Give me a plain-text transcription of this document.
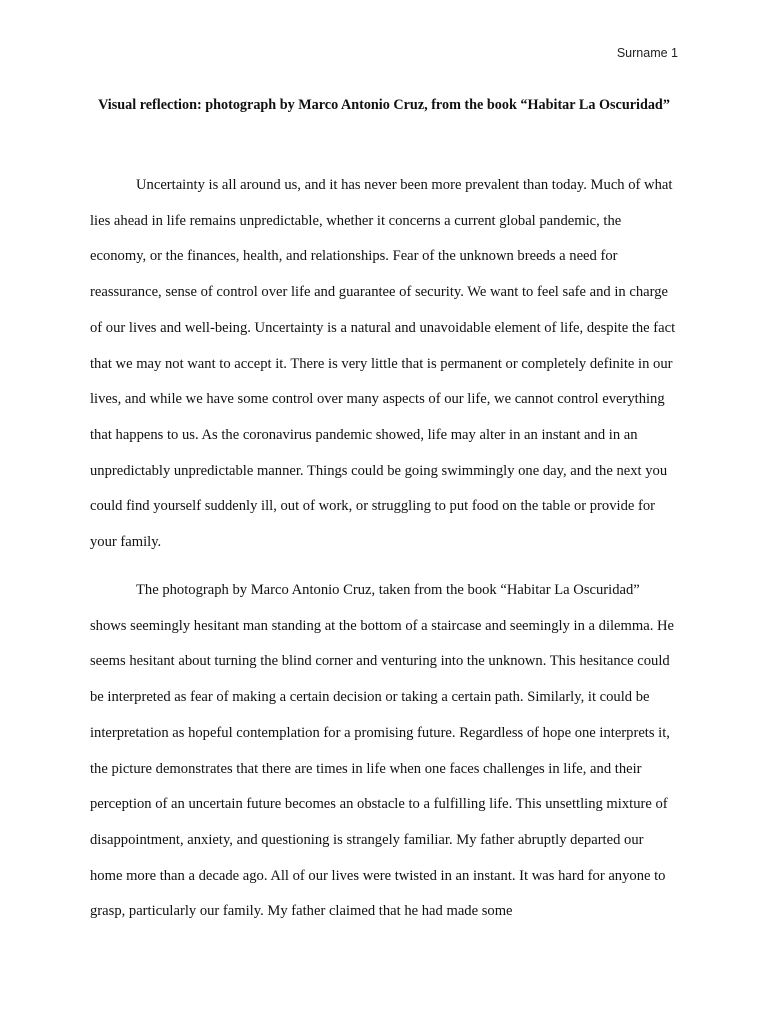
Surname 1
Visual reflection: photograph by Marco Antonio Cruz, from the book “Habitar La Oscuridad”

Uncertainty is all around us, and it has never been more prevalent than today. Much of what lies ahead in life remains unpredictable, whether it concerns a current global pandemic, the economy, or the finances, health, and relationships. Fear of the unknown breeds a need for reassurance, sense of control over life and guarantee of security. We want to feel safe and in charge of our lives and well-being. Uncertainty is a natural and unavoidable element of life, despite the fact that we may not want to accept it. There is very little that is permanent or completely definite in our lives, and while we have some control over many aspects of our life, we cannot control everything that happens to us. As the coronavirus pandemic showed, life may alter in an instant and in an unpredictably unpredictable manner. Things could be going swimmingly one day, and the next you could find yourself suddenly ill, out of work, or struggling to put food on the table or provide for your family.

The photograph by Marco Antonio Cruz, taken from the book “Habitar La Oscuridad” shows seemingly hesitant man standing at the bottom of a staircase and seemingly in a dilemma. He seems hesitant about turning the blind corner and venturing into the unknown. This hesitance could be interpreted as fear of making a certain decision or taking a certain path. Similarly, it could be interpretation as hopeful contemplation for a promising future. Regardless of hope one interprets it, the picture demonstrates that there are times in life when one faces challenges in life, and their perception of an uncertain future becomes an obstacle to a fulfilling life. This unsettling mixture of disappointment, anxiety, and questioning is strangely familiar. My father abruptly departed our home more than a decade ago. All of our lives were twisted in an instant. It was hard for anyone to grasp, particularly our family. My father claimed that he had made some
